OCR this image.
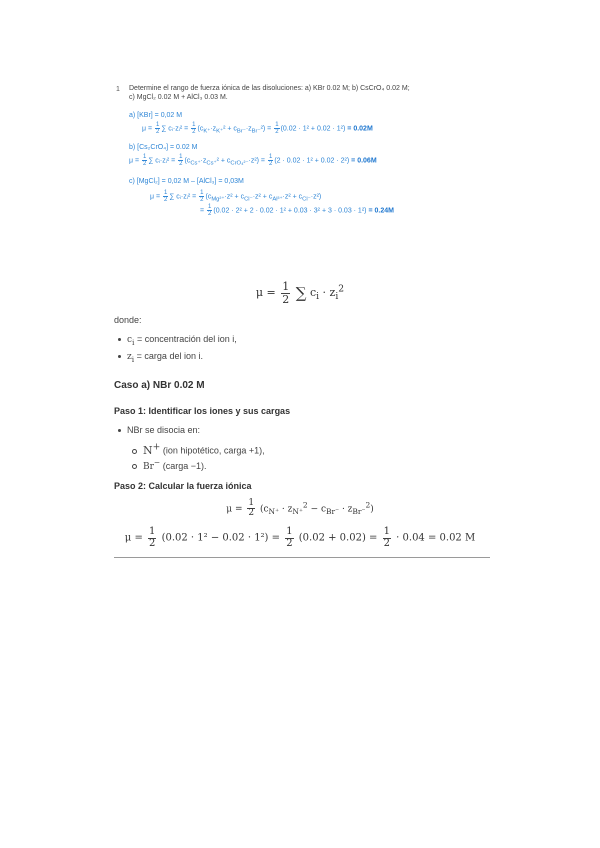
1 Determine el rango de fuerza iónica de las disoluciones: a) KBr 0.02 M; b) CsCrO₄ 0.02 M;
c) MgCl₂ 0.02 M + AlCl₃ 0.03 M.
a) [KBr] = 0,02 M
$\mu = \frac{1}{2}$ ∑ cᵢ·zᵢ² = $\frac{1}{2} (c_{K^+}\cdot z_{K^+}^2 + c_{Br^-}\cdot z_{Br^-}^2) = \frac{1}{2} (0.02 \cdot 1^2 + 0.02 \cdot 1^2) = 0.02M$
b) [Cs₂CrO₄] = 0.02 M
$\mu = \frac{1}{2}$ ∑ cᵢ·zᵢ² = $\frac{1}{2} (c_{Cs^+}\cdot z_{Cs^+}^2 + c_{CrO_4^{2-}}\cdot z^2) = \frac{1}{2} (2 \cdot 0.02 \cdot 1^2 + 0.02 \cdot 2^2) = 0.06M$
c) [MgCl₂] = 0,02 M – [AlCl₃] = 0,03M
$\mu = \frac{1}{2}$ ∑ cᵢ·zᵢ² = $\frac{1}{2} (c_{Mg^{2+}}\cdot z^2 + c_{Cl^-}\cdot z^2 + c_{Al^{3+}}\cdot z^2 + c_{Cl^-}\cdot z^2)$
= $\frac{1}{2} (0.02 \cdot 2^2 + 2 \cdot 0.02 \cdot 1^2 + 0.03 \cdot 3^2 + 3 \cdot 0.03 \cdot 1^2) = 0.24M$
$\mu = \frac{1}{2}$ ∑ $c_i \cdot z_i^2$
donde:
$c_i$ = concentración del ion i,
$z_i$ = carga del ion i.
Caso a) NBr 0.02 M
Paso 1: Identificar los iones y sus cargas
NBr se disocia en:
N+ (ion hipotético, carga +1),
Br− (carga −1).
Paso 2: Calcular la fuerza iónica
$\mu = \frac{1}{2} (c_{N^+} \cdot z_{N^+}^2 - c_{Br^-} \cdot z_{Br^-}^2)$
$\mu = \frac{1}{2} (0.02 \cdot 1^2 - 0.02 \cdot 1^2) = \frac{1}{2} (0.02 + 0.02) = \frac{1}{2} \cdot 0.04 = 0.02$ M
